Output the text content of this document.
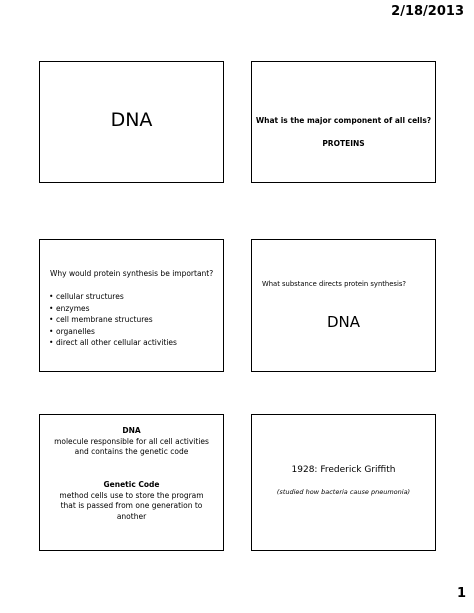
2/18/2013
DNA	What is the major component of all cells?
PROTEINS
Why would protein synthesis be important?
• cellular structures
• enzymes
• cell membrane structures
• organelles
• direct all other cellular activities
What substance directs protein synthesis?
DNA
DNA
molecule responsible for all cell activities
and contains the genetic code
Genetic Code
method cells use to store the program
that is passed from one generation to
another
1928: Frederick Griffith
(studied how bacteria cause pneumonia)
1
